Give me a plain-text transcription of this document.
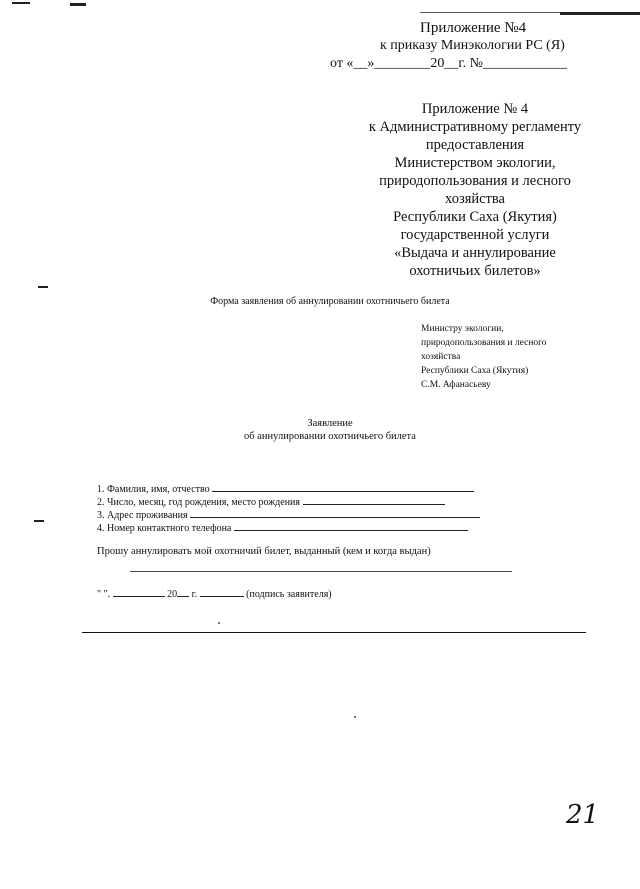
Приложение №4
к приказу Минэкологии РС (Я)
от «__»________20__г. №____________
Приложение № 4
к Административному регламенту
предоставления
Министерством экологии,
природопользования и лесного
хозяйства
Республики Саха (Якутия)
государственной услуги
«Выдача и аннулирование
охотничьих билетов»
Форма заявления об аннулировании охотничьего билета
Министру экологии,
природопользования и лесного
хозяйства
Республики Саха (Якутия)
С.М. Афанасьеву
Заявление
об аннулировании охотничьего билета
1. Фамилия, имя, отчество
2. Число, месяц, год рождения, место рождения
3. Адрес проживания
4. Номер контактного телефона
Прошу аннулировать мой охотничий билет, выданный (кем и когда выдан)
" ".	20 г.	(подпись заявителя)
21
